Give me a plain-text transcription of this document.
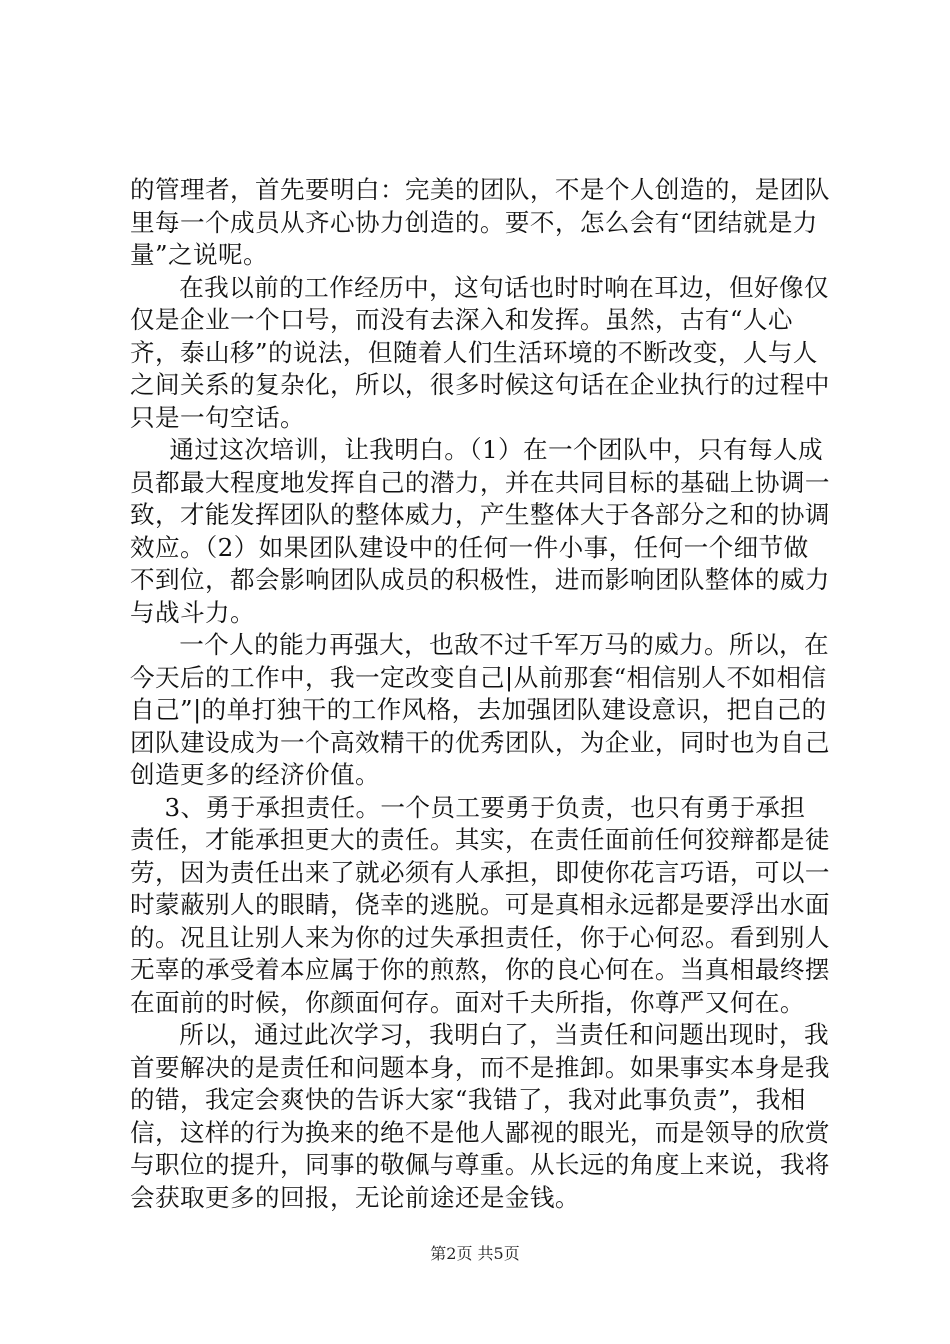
的管理者，首先要明白：完美的团队，不是个人创造的，是团队里每一个成员从齐心协力创造的。要不，怎么会有“团结就是力量”之说呢。

在我以前的工作经历中，这句话也时时响在耳边，但好像仅仅是企业一个口号，而没有去深入和发挥。虽然，古有“人心齐，泰山移”的说法，但随着人们生活环境的不断改变，人与人之间关系的复杂化，所以，很多时候这句话在企业执行的过程中只是一句空话。

通过这次培训，让我明白。（1）在一个团队中，只有每人成员都最大程度地发挥自己的潜力，并在共同目标的基础上协调一致，才能发挥团队的整体威力，产生整体大于各部分之和的协调效应。（2）如果团队建设中的任何一件小事，任何一个细节做不到位，都会影响团队成员的积极性，进而影响团队整体的威力与战斗力。

一个人的能力再强大，也敌不过千军万马的威力。所以，在今天后的工作中，我一定改变自己|从前那套“相信别人不如相信自己”|的单打独干的工作风格，去加强团队建设意识，把自己的团队建设成为一个高效精干的优秀团队，为企业，同时也为自己创造更多的经济价值。

3、勇于承担责任。一个员工要勇于负责，也只有勇于承担责任，才能承担更大的责任。其实，在责任面前任何狡辩都是徒劳，因为责任出来了就必须有人承担，即使你花言巧语，可以一时蒙蔽别人的眼睛，侥幸的逃脱。可是真相永远都是要浮出水面的。况且让别人来为你的过失承担责任，你于心何忍。看到别人无辜的承受着本应属于你的煎熬，你的良心何在。当真相最终摆在面前的时候，你颜面何存。面对千夫所指，你尊严又何在。

所以，通过此次学习，我明白了，当责任和问题出现时，我首要解决的是责任和问题本身，而不是推卸。如果事实本身是我的错，我定会爽快的告诉大家“我错了，我对此事负责”，我相信，这样的行为换来的绝不是他人鄙视的眼光，而是领导的欣赏与职位的提升，同事的敬佩与尊重。从长远的角度上来说，我将会获取更多的回报，无论前途还是金钱。

第2页 共5页
